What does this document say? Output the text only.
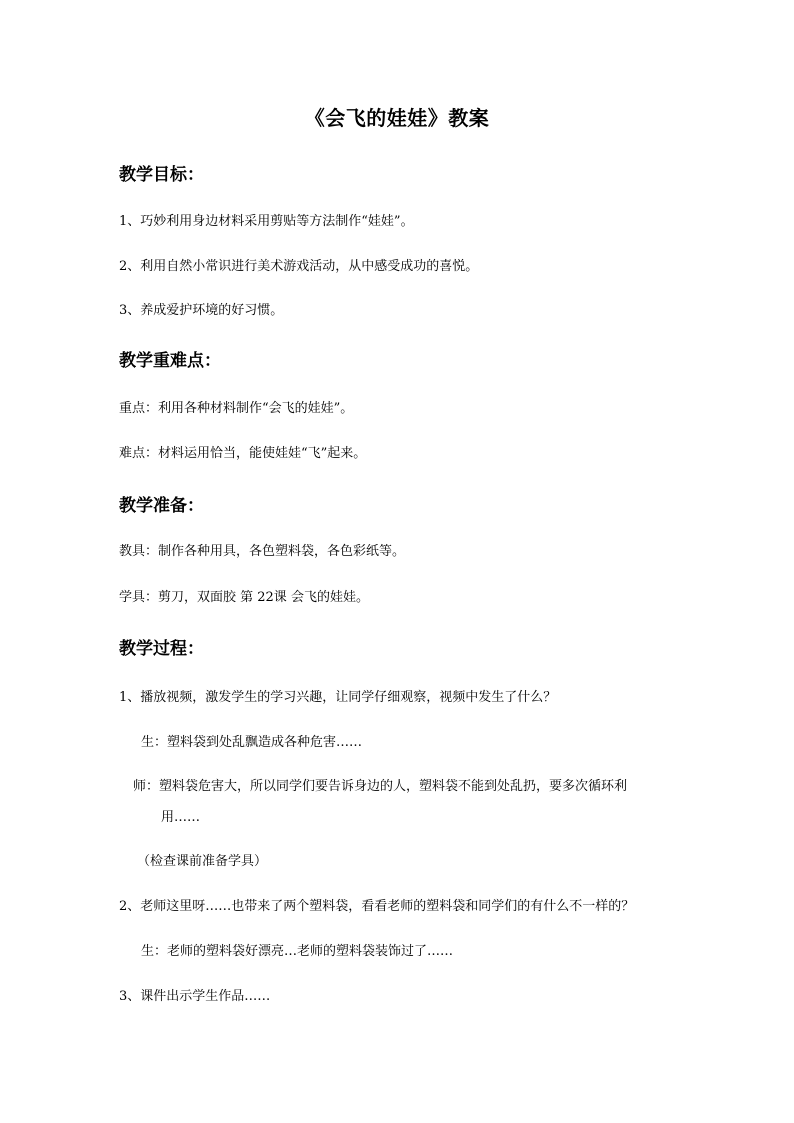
《会飞的娃娃》教案
教学目标：
1、巧妙利用身边材料采用剪贴等方法制作“娃娃”。
2、利用自然小常识进行美术游戏活动，从中感受成功的喜悦。
3、养成爱护环境的好习惯。
教学重难点：
重点：利用各种材料制作“会飞的娃娃”。
难点：材料运用恰当，能使娃娃“飞”起来。
教学准备：
教具：制作各种用具，各色塑料袋，各色彩纸等。
学具：剪刀，双面胶 第 22课 会飞的娃娃。
教学过程：
1、播放视频，激发学生的学习兴趣，让同学仔细观察，视频中发生了什么？
生：塑料袋到处乱飘造成各种危害……
师：塑料袋危害大，所以同学们要告诉身边的人，塑料袋不能到处乱扔，要多次循环利
用……
（检查课前准备学具）
2、老师这里呀……也带来了两个塑料袋，看看老师的塑料袋和同学们的有什么不一样的？
生：老师的塑料袋好漂亮…老师的塑料袋装饰过了……
3、课件出示学生作品……
